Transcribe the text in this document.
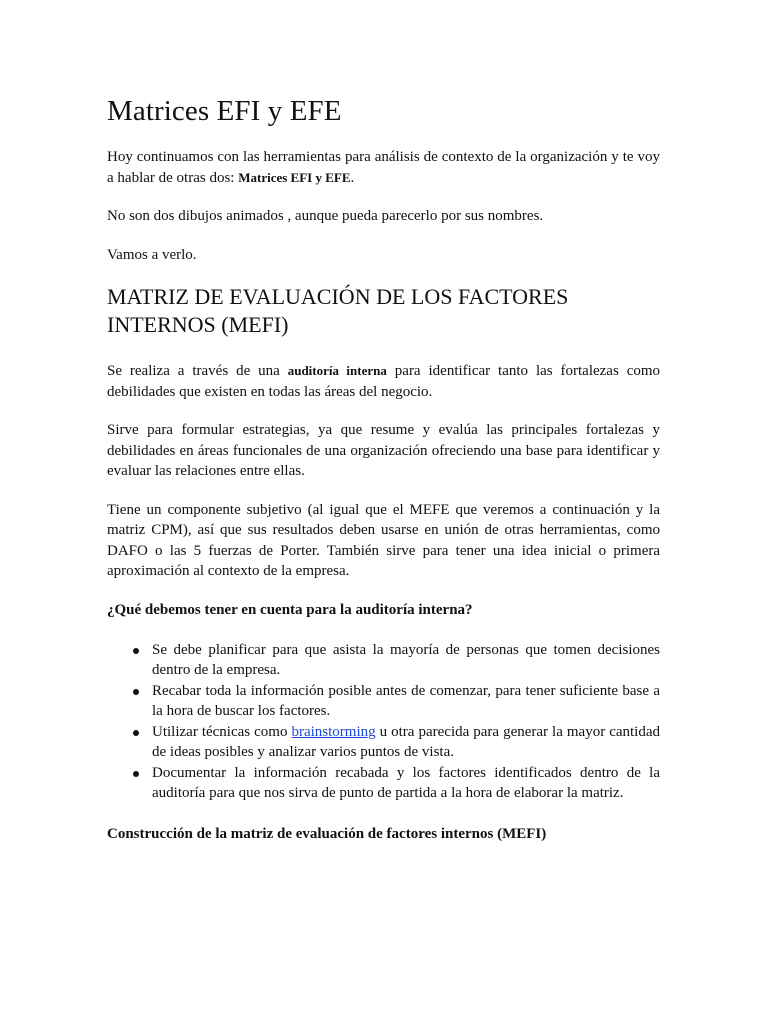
Matrices EFI y EFE

Hoy continuamos con las herramientas para análisis de contexto de la organización y te voy a hablar de otras dos: Matrices EFI y EFE.

No son dos dibujos animados , aunque pueda parecerlo por sus nombres.

Vamos a verlo.

MATRIZ DE EVALUACIÓN DE LOS FACTORES
INTERNOS (MEFI)

Se realiza a través de una auditoría interna para identificar tanto las fortalezas como debilidades que existen en todas las áreas del negocio.

Sirve para formular estrategias, ya que resume y evalúa las principales fortalezas y debilidades en áreas funcionales de una organización ofreciendo una base para identificar y evaluar las relaciones entre ellas.

Tiene un componente subjetivo (al igual que el MEFE que veremos a continuación y la matriz CPM), así que sus resultados deben usarse en unión de otras herramientas, como DAFO o las 5 fuerzas de Porter. También sirve para tener una idea inicial o primera aproximación al contexto de la empresa.

¿Qué debemos tener en cuenta para la auditoría interna?
Se debe planificar para que asista la mayoría de personas que tomen decisiones dentro de la empresa.
Recabar toda la información posible antes de comenzar, para tener suficiente base a la hora de buscar los factores.
Utilizar técnicas como brainstorming u otra parecida para generar la mayor cantidad de ideas posibles y analizar varios puntos de vista.
Documentar la información recabada y los factores identificados dentro de la auditoría para que nos sirva de punto de partida a la hora de elaborar la matriz.
Construcción de la matriz de evaluación de factores internos (MEFI)
